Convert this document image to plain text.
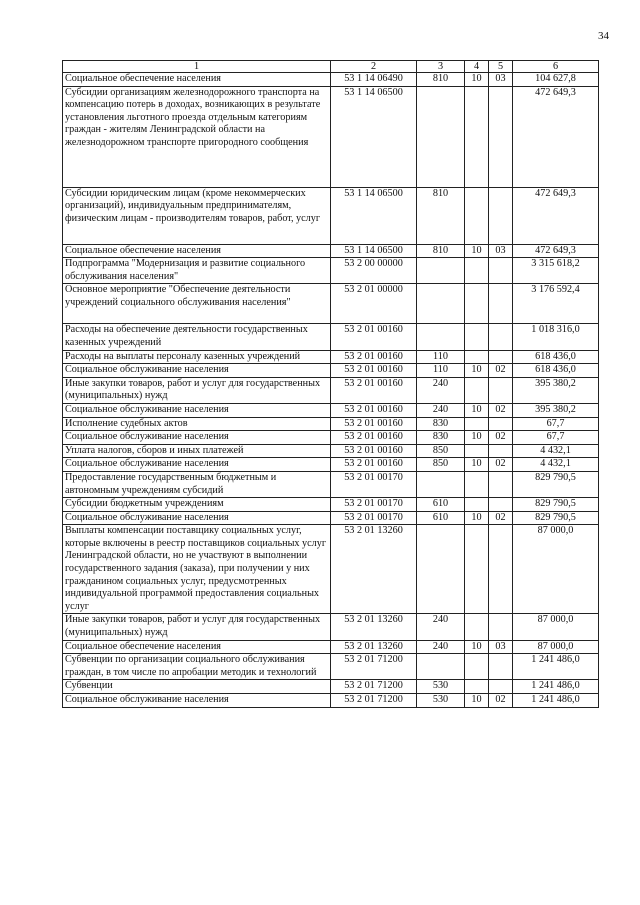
34
1	2	3	4	5	6
Социальное обеспечение населения	53 1 14 06490	810	10	03	104 627,8
Субсидии организациям железнодорожного транспорта на компенсацию потерь в доходах, возникающих в результате установления льготного проезда отдельным категориям граждан - жителям Ленинградской области на железнодорожном транспорте пригородного сообщения	53 1 14 06500				472 649,3
Субсидии юридическим лицам (кроме некоммерческих организаций), индивидуальным предпринимателям, физическим лицам - производителям товаров, работ, услуг	53 1 14 06500	810			472 649,3
Социальное обеспечение населения	53 1 14 06500	810	10	03	472 649,3
Подпрограмма "Модернизация и развитие социального обслуживания населения"	53 2 00 00000				3 315 618,2
Основное мероприятие "Обеспечение деятельности учреждений социального обслуживания населения"	53 2 01 00000				3 176 592,4
Расходы на обеспечение деятельности государственных казенных учреждений	53 2 01 00160				1 018 316,0
Расходы на выплаты персоналу казенных учреждений	53 2 01 00160	110			618 436,0
Социальное обслуживание населения	53 2 01 00160	110	10	02	618 436,0
Иные закупки товаров, работ и услуг для государственных (муниципальных) нужд	53 2 01 00160	240			395 380,2
Социальное обслуживание населения	53 2 01 00160	240	10	02	395 380,2
Исполнение судебных актов	53 2 01 00160	830			67,7
Социальное обслуживание населения	53 2 01 00160	830	10	02	67,7
Уплата налогов, сборов и иных платежей	53 2 01 00160	850			4 432,1
Социальное обслуживание населения	53 2 01 00160	850	10	02	4 432,1
Предоставление государственным бюджетным и автономным учреждениям субсидий	53 2 01 00170				829 790,5
Субсидии бюджетным учреждениям	53 2 01 00170	610			829 790,5
Социальное обслуживание населения	53 2 01 00170	610	10	02	829 790,5
Выплаты компенсации поставщику социальных услуг, которые включены в реестр поставщиков социальных услуг Ленинградской области, но не участвуют в выполнении государственного задания (заказа), при получении у них гражданином социальных услуг, предусмотренных индивидуальной программой предоставления социальных услуг	53 2 01 13260				87 000,0
Иные закупки товаров, работ и услуг для государственных (муниципальных) нужд	53 2 01 13260	240			87 000,0
Социальное обеспечение населения	53 2 01 13260	240	10	03	87 000,0
Субвенции по организации социального обслуживания граждан, в том числе по апробации методик и технологий	53 2 01 71200				1 241 486,0
Субвенции	53 2 01 71200	530			1 241 486,0
Социальное обслуживание населения	53 2 01 71200	530	10	02	1 241 486,0
